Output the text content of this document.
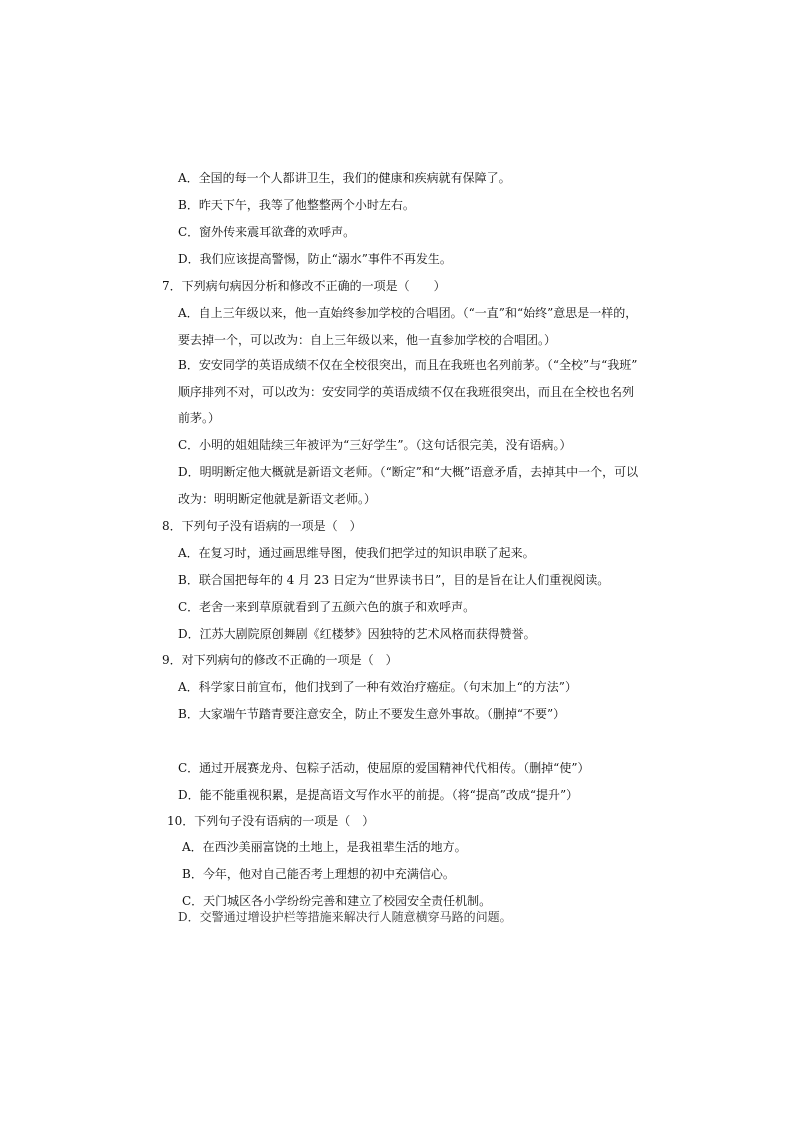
A．全国的每一个人都讲卫生，我们的健康和疾病就有保障了。
B．昨天下午，我等了他整整两个小时左右。
C．窗外传来震耳欲聋的欢呼声。
D．我们应该提高警惕，防止“溺水”事件不再发生。
7．下列病句病因分析和修改不正确的一项是（　　）
A．自上三年级以来，他一直始终参加学校的合唱团。（“一直”和“始终”意思是一样的，
要去掉一个，可以改为：自上三年级以来，他一直参加学校的合唱团。）
B．安安同学的英语成绩不仅在全校很突出，而且在我班也名列前茅。（“全校”与“我班”
顺序排列不对，可以改为：安安同学的英语成绩不仅在我班很突出，而且在全校也名列
前茅。）
C．小明的姐姐陆续三年被评为“三好学生”。（这句话很完美，没有语病。）
D．明明断定他大概就是新语文老师。（“断定”和“大概”语意矛盾，去掉其中一个，可以
改为：明明断定他就是新语文老师。）
8．下列句子没有语病的一项是（　）
A．在复习时，通过画思维导图，使我们把学过的知识串联了起来。
B．联合国把每年的 4 月 23 日定为“世界读书日”，目的是旨在让人们重视阅读。
C．老舍一来到草原就看到了五颜六色的旗子和欢呼声。
D．江苏大剧院原创舞剧《红楼梦》因独特的艺术风格而获得赞誉。
9．对下列病句的修改不正确的一项是（　）
A．科学家日前宣布，他们找到了一种有效治疗癌症。（句末加上“的方法”）
B．大家端午节踏青要注意安全，防止不要发生意外事故。（删掉“不要”）
C．通过开展赛龙舟、包粽子活动，使屈原的爱国精神代代相传。（删掉“使”）
D．能不能重视积累，是提高语文写作水平的前提。（将“提高”改成“提升”）
10．下列句子没有语病的一项是（　）
A．在西沙美丽富饶的土地上，是我祖辈生活的地方。
B．今年，他对自己能否考上理想的初中充满信心。
C．天门城区各小学纷纷完善和建立了校园安全责任机制。
D．交警通过增设护栏等措施来解决行人随意横穿马路的问题。
